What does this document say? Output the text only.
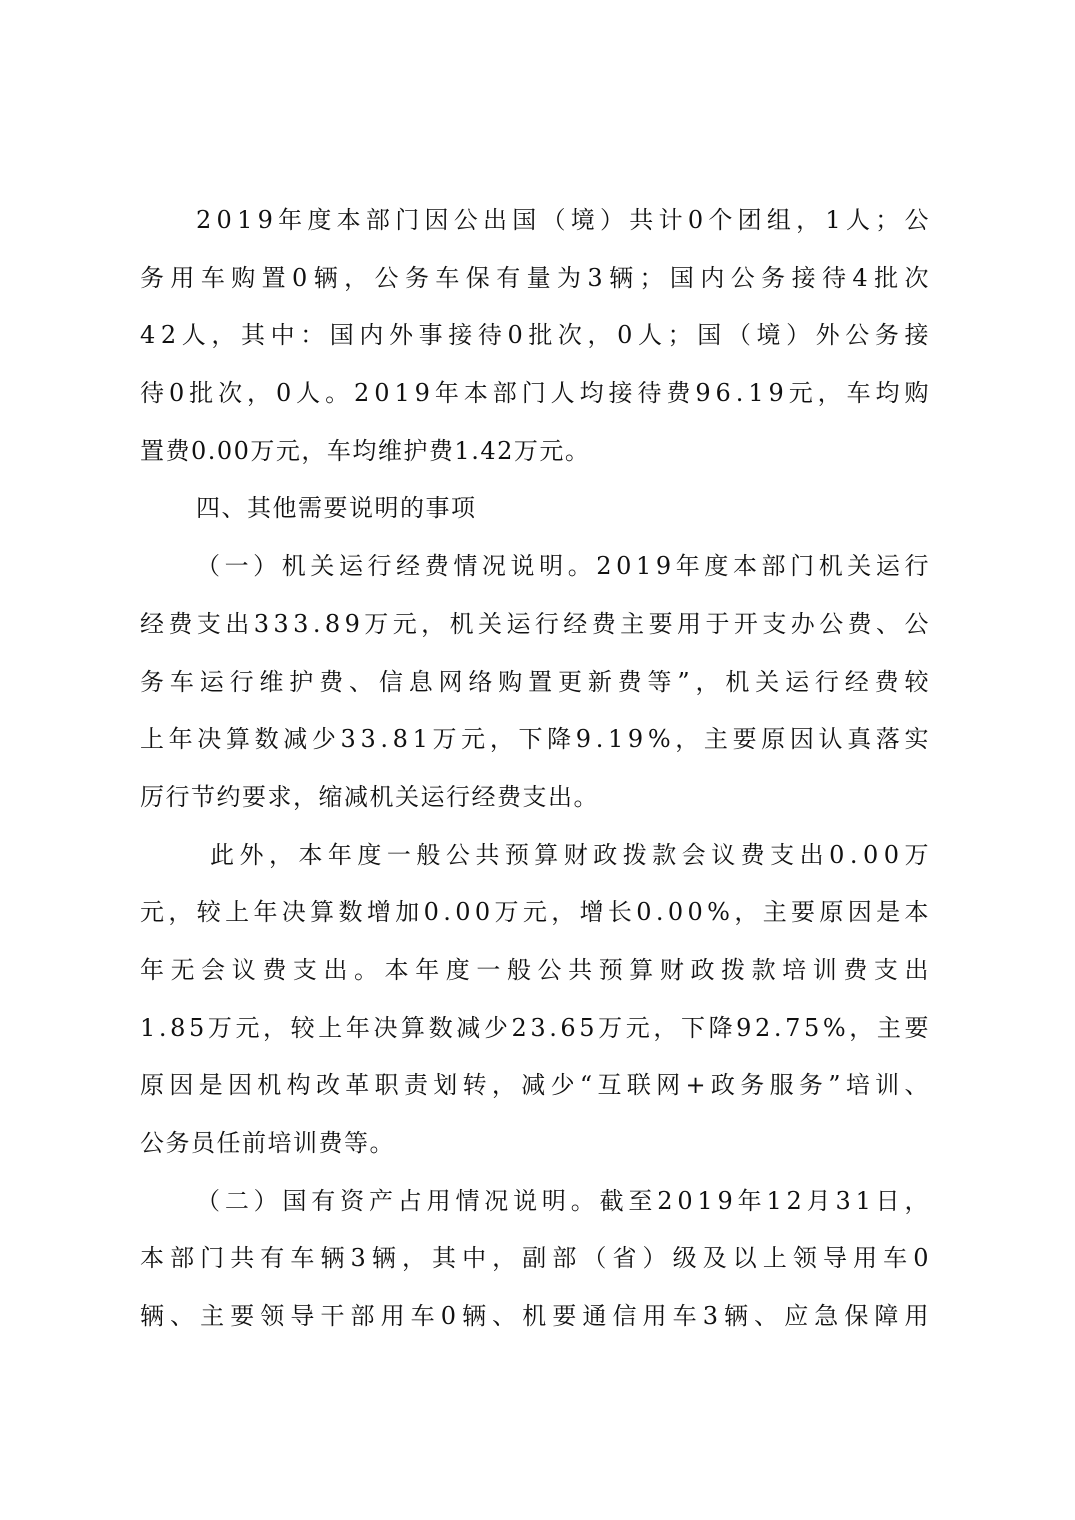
2019年度本部门因公出国（境）共计0个团组，1人；公
务用车购置0辆，公务车保有量为3辆；国内公务接待4批次
42人，其中：国内外事接待0批次，0人；国（境）外公务接
待0批次，0人。2019年本部门人均接待费96.19元，车均购
置费0.00万元，车均维护费1.42万元。
四、其他需要说明的事项
（一）机关运行经费情况说明。2019年度本部门机关运行
经费支出333.89万元，机关运行经费主要用于开支办公费、公
务车运行维护费、信息网络购置更新费等”，机关运行经费较
上年决算数减少33.81万元，下降9.19%，主要原因认真落实
厉行节约要求，缩减机关运行经费支出。
此外，本年度一般公共预算财政拨款会议费支出0.00万
元，较上年决算数增加0.00万元，增长0.00%，主要原因是本
年无会议费支出。本年度一般公共预算财政拨款培训费支出
1.85万元，较上年决算数减少23.65万元，下降92.75%，主要
原因是因机构改革职责划转，减少“互联网+政务服务”培训、
公务员任前培训费等。
（二）国有资产占用情况说明。截至2019年12月31日，
本部门共有车辆3辆，其中，副部（省）级及以上领导用车0
辆、主要领导干部用车0辆、机要通信用车3辆、应急保障用
